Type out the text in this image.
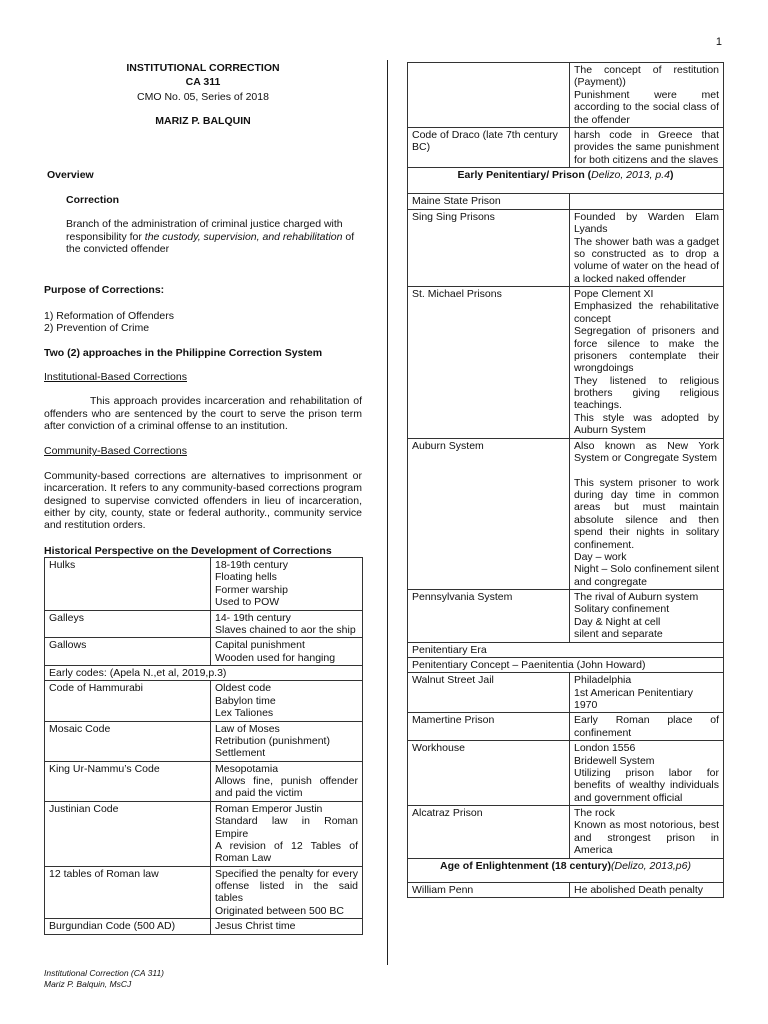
1
INSTITUTIONAL CORRECTION
CA 311
CMO No. 05, Series of 2018
MARIZ P. BALQUIN
Overview
Correction

Branch of the administration of criminal justice charged with responsibility for the custody, supervision, and rehabilitation of the convicted offender

Purpose of Corrections:
1) Reformation of Offenders
2) Prevention of Crime
Two (2) approaches in the Philippine Correction System
Institutional-Based Corrections

This approach provides incarceration and rehabilitation of offenders who are sentenced by the court to serve the prison term after conviction of a criminal offense to an institution.

Community-Based Corrections

Community-based corrections are alternatives to imprisonment or incarceration. It refers to any community-based corrections program designed to supervise convicted offenders in lieu of incarceration, either by city, county, state or federal authority., community service and restitution orders.

Historical Perspective on the Development of Corrections
Hulks	18-19th century
Floating hells
Former warship
Used to POW

Galleys	14- 19th century
Slaves chained to aor the ship

Gallows	Capital punishment
Wooden used for hanging

Early codes: (Apela N.,et al, 2019,p.3)	
Code of Hammurabi	Oldest code
Babylon time
Lex Taliones

Mosaic Code	Law of Moses
Retribution (punishment)
Settlement

King Ur-Nammu’s Code	Mesopotamia
Allows fine, punish offender and paid the victim

Justinian Code	Roman Emperor Justin
Standard law in Roman Empire
A revision of 12 Tables of Roman Law

12 tables of Roman law	Specified the penalty for every offense listed in the said tables
Originated between 500 BC

Burgundian Code (500 AD)	Jesus Christ time

	The concept of restitution (Payment))
Punishment were met according to the social class of the offender

Code of Draco (late 7th century BC)	harsh code in Greece that provides the same punishment for both citizens and the slaves

Early Penitentiary/ Prison (Delizo, 2013, p.4)	
Maine State Prison	
Sing Sing Prisons	Founded by Warden Elam Lyands
The shower bath was a gadget so constructed as to drop a volume of water on the head of a locked naked offender

St. Michael Prisons	Pope Clement XI
Emphasized the rehabilitative concept
Segregation of prisoners and force silence to make the prisoners contemplate their wrongdoings
They listened to religious brothers giving religious teachings.
This style was adopted by Auburn System

Auburn System	Also known as New York System or Congregate System

This system prisoner to work during day time in common areas but must maintain absolute silence and then spend their nights in solitary confinement.
Day – work
Night – Solo confinement silent and congregate

Pennsylvania System	The rival of Auburn system
Solitary confinement
Day & Night at cell
silent and separate

Penitentiary Era	
Penitentiary Concept – Paenitentia (John Howard)	
Walnut Street Jail	Philadelphia
1st American Penitentiary
1970

Mamertine Prison	Early Roman place of confinement

Workhouse	London 1556
Bridewell System
Utilizing prison labor for benefits of wealthy individuals and government official

Alcatraz Prison	The rock
Known as most notorious, best and strongest prison in America

Age of Enlightenment (18 century)(Delizo, 2013,p6)	
William Penn	He abolished Death penalty
Institutional Correction (CA 311)
Mariz P. Balquin, MsCJ
